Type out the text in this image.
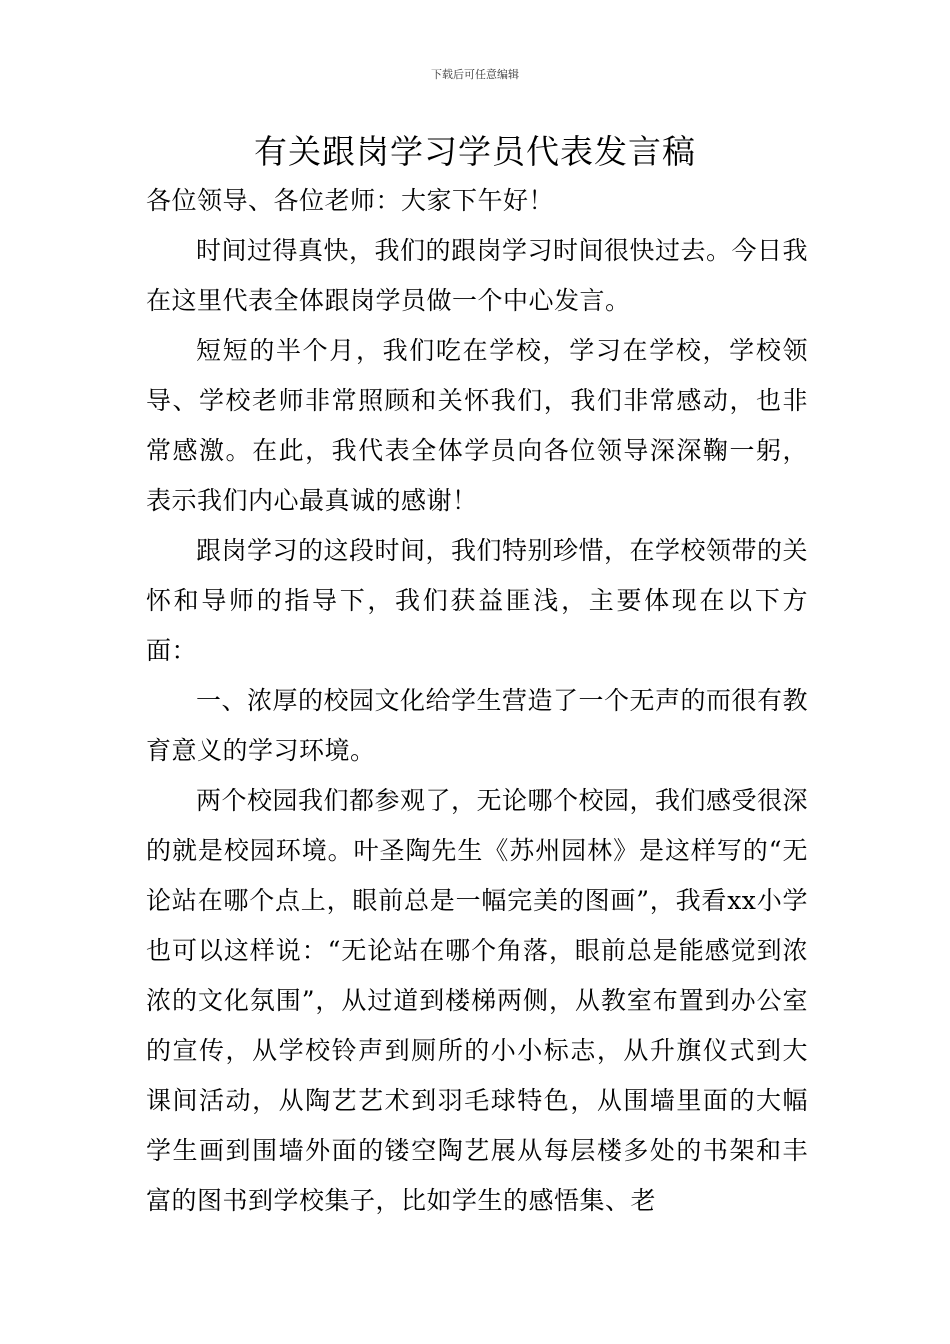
下载后可任意编辑
有关跟岗学习学员代表发言稿

各位领导、各位老师：大家下午好！

时间过得真快，我们的跟岗学习时间很快过去。今日我在这里代表全体跟岗学员做一个中心发言。

短短的半个月，我们吃在学校，学习在学校，学校领导、学校老师非常照顾和关怀我们，我们非常感动，也非常感激。在此，我代表全体学员向各位领导深深鞠一躬，表示我们内心最真诚的感谢！

跟岗学习的这段时间，我们特别珍惜，在学校领带的关怀和导师的指导下，我们获益匪浅，主要体现在以下方面：

一、浓厚的校园文化给学生营造了一个无声的而很有教育意义的学习环境。

两个校园我们都参观了，无论哪个校园，我们感受很深的就是校园环境。叶圣陶先生《苏州园林》是这样写的“无论站在哪个点上，眼前总是一幅完美的图画”，我看xx小学也可以这样说：“无论站在哪个角落，眼前总是能感觉到浓浓的文化氛围”，从过道到楼梯两侧，从教室布置到办公室的宣传，从学校铃声到厕所的小小标志，从升旗仪式到大课间活动，从陶艺艺术到羽毛球特色，从围墙里面的大幅学生画到围墙外面的镂空陶艺展从每层楼多处的书架和丰富的图书到学校集子，比如学生的感悟集、老
